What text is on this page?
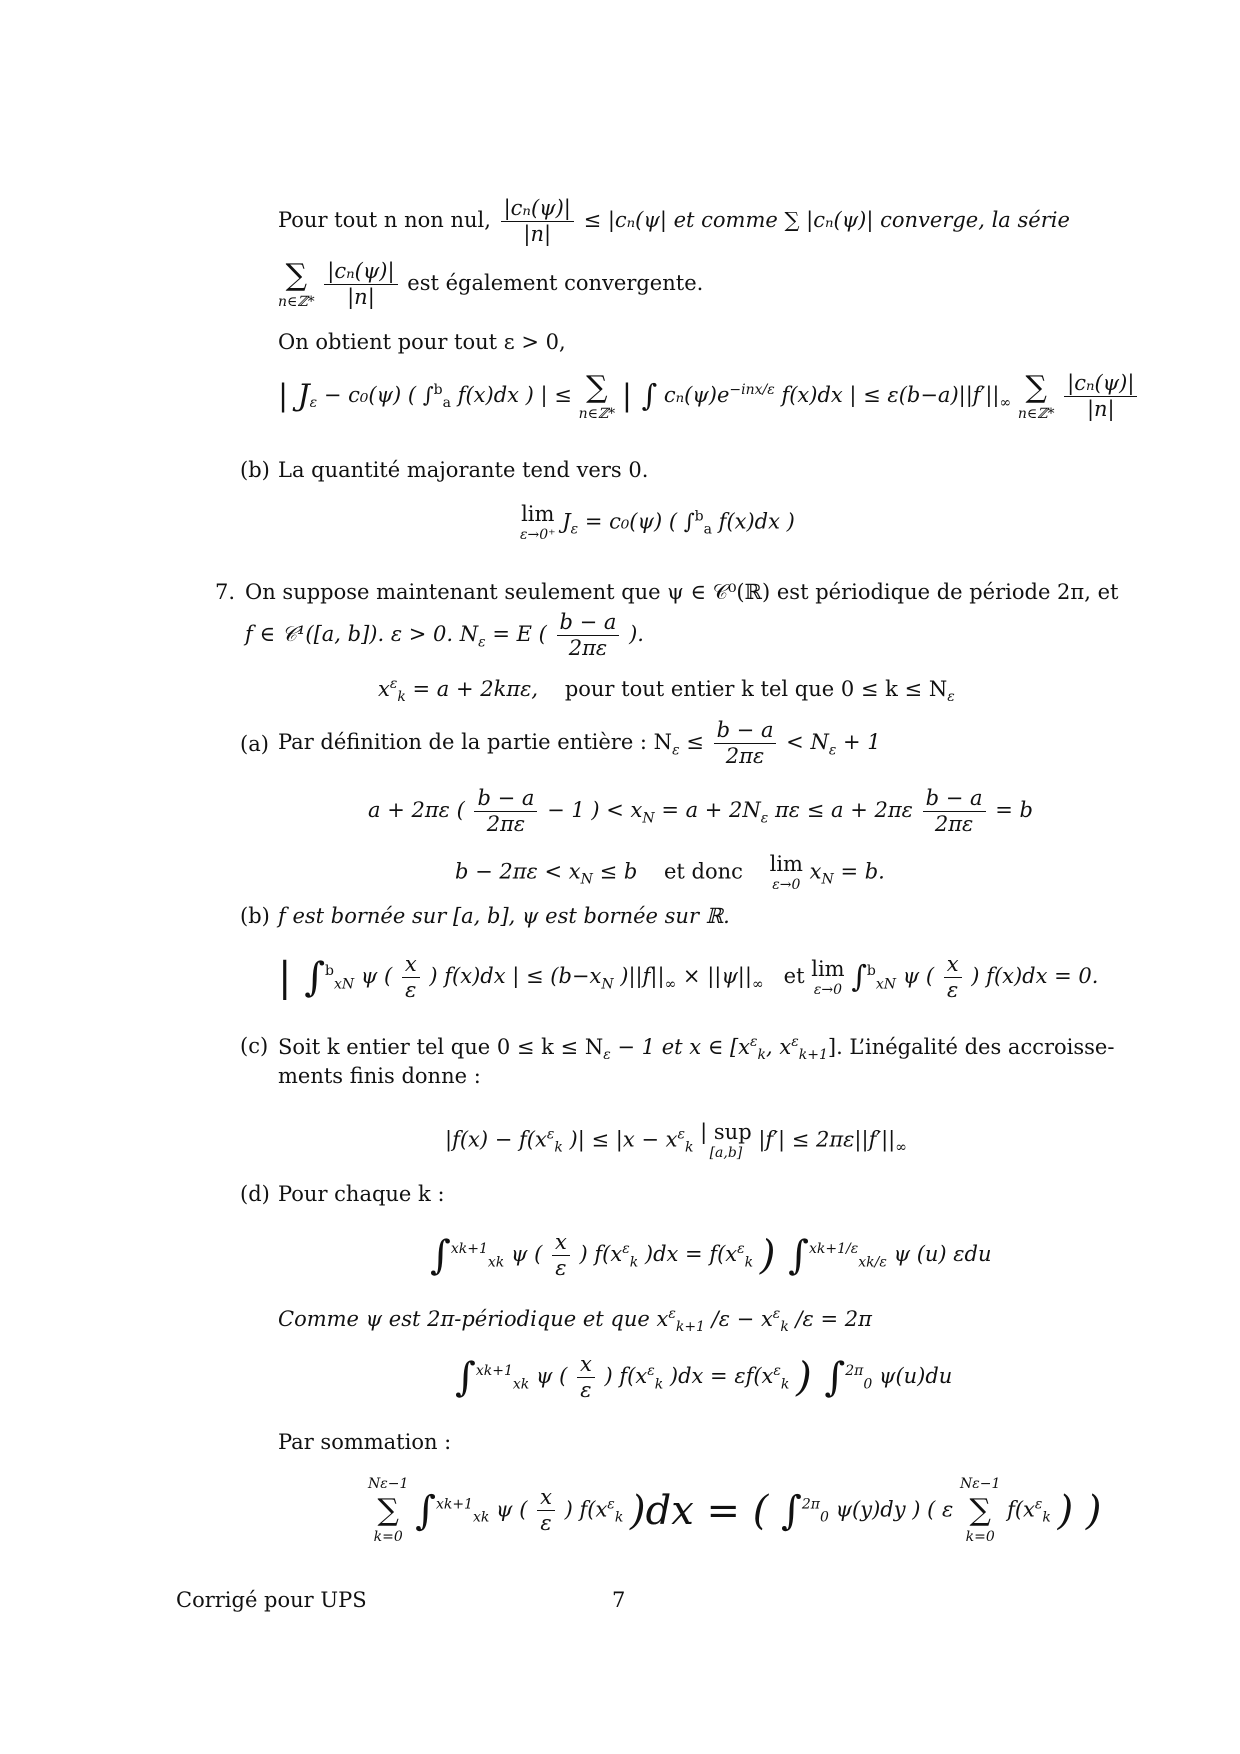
Pour tout n non nul, $\frac{\text{|cₙ(ψ)|}}{|n|} \le |c_n(\psi|$ et comme ∑ |cₙ(ψ)| converge, la série
∑
n∈ℤ*
$\frac{\text{|cₙ(ψ)|}}{|n|}$ est également convergente.
On obtient pour tout ε > 0,
| $J_\varepsilon - c_0(\psi)$ ( ∫$^b_a$ f(x)dx ) | ≤ ∑
n∈ℤ*
| ∫ $c_n(\psi)e^{-inx/\varepsilon}$ f(x)dx | ≤ $\varepsilon(b-a)||f'||_\infty$ ∑
n∈ℤ*
$\frac{\text{|cₙ(ψ)|}}{|n|}$
(b) La quantité majorante tend vers 0.
lim
ε→0⁺
$J_\varepsilon = c_0(\psi)$ ( ∫$^b_a$ f(x)dx )
7. On suppose maintenant seulement que ψ ∈ 𝒞⁰(ℝ) est périodique de période 2π, et
f ∈ 𝒞¹([a, b]). ε > 0. $N_\varepsilon = E$ ( $\frac{b - a}{2\pi\varepsilon}$ ).
$x^\varepsilon_k = a + 2k\pi\varepsilon$, pour tout entier k tel que $0 \le k \le N_\varepsilon$
(a) Par définition de la partie entière : $N_\varepsilon \le \frac{b - a}{2\pi\varepsilon} < N_\varepsilon + 1$
a + 2πε ( $\frac{b - a}{2\pi\varepsilon} - 1$ ) < $x_N = a + 2N_\varepsilon$ $\pi\varepsilon \le a + 2\pi\varepsilon \frac{b - a}{2\pi\varepsilon} = b$
$b - 2\pi\varepsilon < x_N \le b$ et donc lim
ε→0
$x_N = b$.
(b) f est bornée sur [a, b], ψ est bornée sur ℝ.
| ∫$^b_{xN}$ ψ ( $\frac{x}{\varepsilon}$ ) f(x)dx | ≤ ($b-x_N$ )$||f||_\infty \times ||\psi||_\infty$ et lim
ε→0 ∫$^b_{xN}$ ψ ( $\frac{x}{\varepsilon}$ ) f(x)dx = 0.
(c) Soit k entier tel que $0 \le k \le N_\varepsilon - 1$ et x ∈ [$x^\varepsilon_k$, $x^\varepsilon_{k+1}$]. L’inégalité des accroisse-
ments finis donne :
$|f(x) - f(x^\varepsilon_k$ )| ≤ $|x - x^\varepsilon_k$ | sup
[a,b]
$|f'| \le 2\pi\varepsilon||f'||_\infty$
(d) Pour chaque k :
∫$^{xk+1}_{xk}$ ψ ( $\frac{x}{\varepsilon}$ ) $f(x^\varepsilon_k$ )$dx = f(x^\varepsilon_k$ ) ∫$^{xk+1/\varepsilon}_{xk/\varepsilon}$ ψ (u) εdu
Comme ψ est 2π-périodique et que $x^\varepsilon_{k+1}$ $/\varepsilon - x^\varepsilon_k$ /ε = 2π
∫$^{xk+1}_{xk}$ ψ ( $\frac{x}{\varepsilon}$ ) $f(x^\varepsilon_k$ )$dx = \varepsilon f(x^\varepsilon_k$ ) ∫$^{2\pi}_0$ ψ(u)du
Par sommation :
Nε−1
∑
k=0
∫$^{xk+1}_{xk}$ ψ ( $\frac{x}{\varepsilon}$ ) $f(x^\varepsilon_k$ )dx = ( ∫$^{2\pi}_0$ ψ(y)dy ) ( ε
Nε−1
∑
k=0
$f(x^\varepsilon_k$ ) )
Corrigé pour UPS	7
